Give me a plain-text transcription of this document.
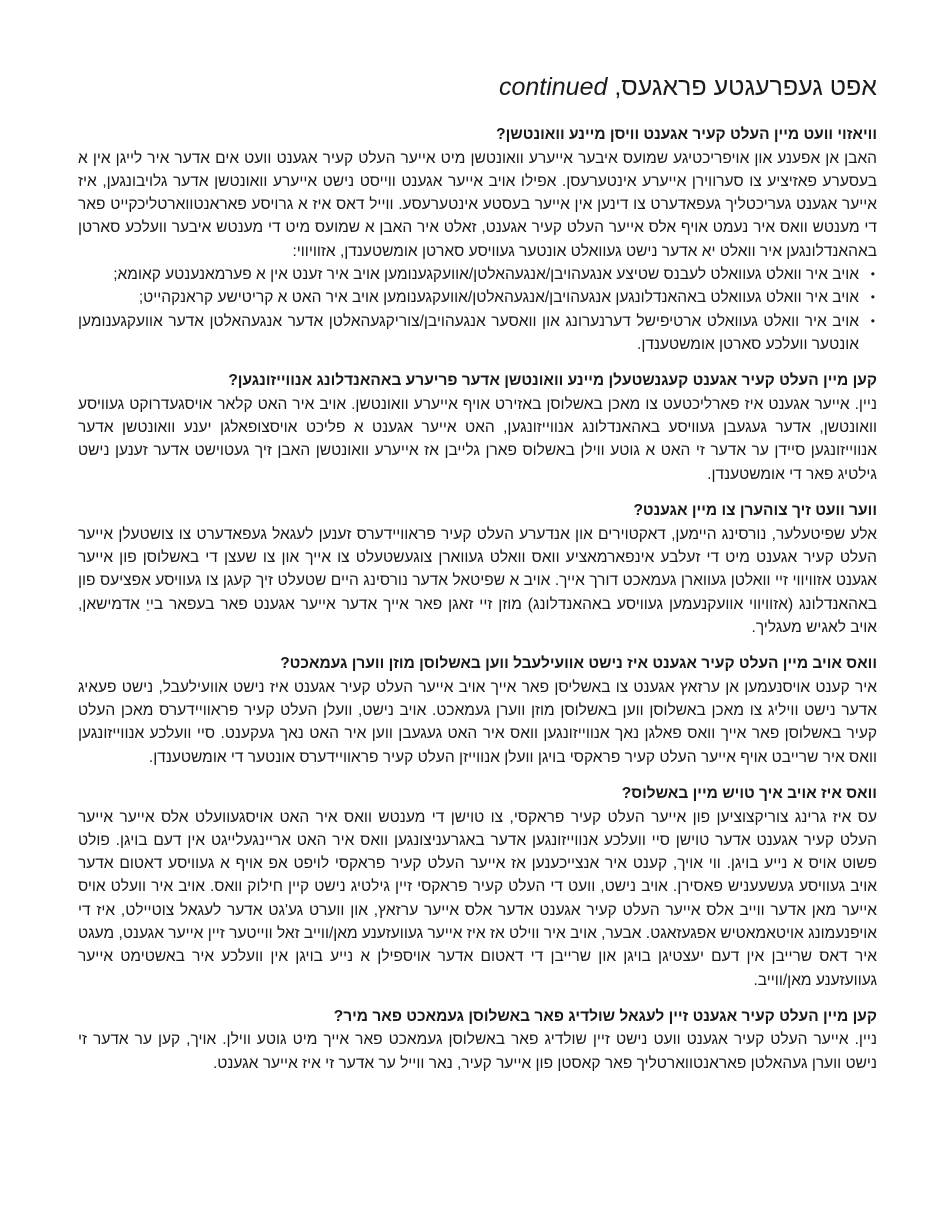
אפט געפרעגטע פראגעס, continued

וויאזוי וועט מיין העלט קעיר אגענט וויסן מיינע וואונטשן?

האבן אן אפענע און אויפריכטיגע שמועס איבער אייערע וואונטשן מיט אייער העלט קעיר אגענט וועט אים אדער איר לייגן אין א בעסערע פאזיציע צו סערווירן אייערע אינטערעסן. אפילו אויב אייער אגענט ווייסט נישט אייערע וואונטשן אדער גלויבונגען, איז אייער אגענט געריכטליך געפאדערט צו דינען אין אייער בעסטע אינטערעסע. ווייל דאס איז א גרויסע פאראנטווארטליכקייט פאר די מענטש וואס איר נעמט אויף אלס אייער העלט קעיר אגענט, זאלט איר האבן א שמועס מיט די מענטש איבער וועלכע סארטן באהאנדלונגען איר וואלט יא אדער נישט געוואלט אונטער געוויסע סארטן אומשטענדן, אזוויווי:

• אויב איר וואלט געוואלט לעבנס שטיצע אנגעהויבן/אנגעהאלטן/אוועקגענומען אויב איר זענט אין א פערמאנענטע קאומא;
• אויב איר וואלט געוואלט באהאנדלונגען אנגעהויבן/אנגעהאלטן/אוועקגענומען אויב איר האט א קריטישע קראנקהייט;
• אויב איר וואלט געוואלט ארטיפישל דערנערונג און וואסער אנגעהויבן/צוריקגעהאלטן אדער אנגעהאלטן אדער אוועקגענומען אונטער וועלכע סארטן אומשטענדן.

קען מיין העלט קעיר אגענט קעגנשטעלן מיינע וואונטשן אדער פריערע באהאנדלונג אנווייזונגען?

ניין. אייער אגענט איז פארליכטעט צו מאכן באשלוסן באזירט אויף אייערע וואונטשן. אויב איר האט קלאר אויסגעדרוקט געוויסע וואונטשן, אדער געגעבן געוויסע באהאנדלונג אנווייזונגען, האט אייער אגענט א פליכט אויסצופאלגן יענע וואונטשן אדער אנווייזונגען סיידן ער אדער זי האט א גוטע ווילן באשלוס פארן גלייבן אז אייערע וואונטשן האבן זיך געטוישט אדער זענען נישט גילטיג פאר די אומשטענדן.

ווער וועט זיך צוהערן צו מיין אגענט?

אלע שפיטעלער, נורסינג היימען, דאקטוירים און אנדערע העלט קעיר פראוויידערס זענען לעגאל געפאדערט צו צושטעלן אייער העלט קעיר אגענט מיט די זעלבע אינפארמאציע וואס וואלט געווארן צוגעשטעלט צו אייך און צו שעצן די באשלוסן פון אייער אגענט אזוויווי זיי וואלטן געווארן געמאכט דורך אייך. אויב א שפיטאל אדער נורסינג היים שטעלט זיך קעגן צו געוויסע אפציעס פון באהאנדלונג (אזוויווי אוועקנעמען געוויסע באהאנדלונג) מוזן זיי זאגן פאר אייך אדער אייער אגענט פאר בעפאר בייַ אדמישאן, אויב לאגיש מעגליך.

וואס אויב מיין העלט קעיר אגענט איז נישט אוועילעבל ווען באשלוסן מוזן ווערן געמאכט?

איר קענט אויסנעמען אן ערזאץ אגענט צו באשליסן פאר אייך אויב אייער העלט קעיר אגענט איז נישט אוועילעבל, נישט פעאיג אדער נישט וויליג צו מאכן באשלוסן ווען באשלוסן מוזן ווערן געמאכט. אויב נישט, וועלן העלט קעיר פראוויידערס מאכן העלט קעיר באשלוסן פאר אייך וואס פאלגן נאך אנווייזונגען וואס איר האט געגעבן ווען איר האט נאך געקענט. סיי וועלכע אנווייזונגען וואס איר שרייבט אויף אייער העלט קעיר פראקסי בויגן וועלן אנווייזן העלט קעיר פראוויידערס אונטער די אומשטענדן.

וואס איז אויב איך טויש מיין באשלוס?

עס איז גרינג צוריקצוציען פון אייער העלט קעיר פראקסי, צו טוישן די מענטש וואס איר האט אויסגעוועלט אלס אייער אייער העלט קעיר אגענט אדער טוישן סיי וועלכע אנווייזונגען אדער באגרעניצונגען וואס איר האט אריינגעלייגט אין דעם בויגן. פולט פשוט אויס א נייע בויגן. ווי אויך, קענט איר אנצייכענען אז אייער העלט קעיר פראקסי לויפט אפ אויף א געוויסע דאטום אדער אויב געוויסע געשעעניש פאסירן. אויב נישט, וועט די העלט קעיר פראקסי זיין גילטיג נישט קיין חילוק וואס. אויב איר וועלט אויס אייער מאן אדער ווייב אלס אייער העלט קעיר אגענט אדער אלס אייער ערזאץ, און ווערט גע'גט אדער לעגאל צוטיילט, איז די אויפנעמונג אויטאמאטיש אפגעזאגט. אבער, אויב איר ווילט אז איז אייער געוועזענע מאן/ווייב זאל ווייטער זיין אייער אגענט, מעגט איר דאס שרייבן אין דעם יעצטיגן בויגן און שרייבן די דאטום אדער אויספילן א נייע בויגן אין וועלכע איר באשטימט אייער געוועזענע מאן/ווייב.

קען מיין העלט קעיר אגענט זיין לעגאל שולדיג פאר באשלוסן געמאכט פאר מיר?

ניין. אייער העלט קעיר אגענט וועט נישט זיין שולדיג פאר באשלוסן געמאכט פאר אייך מיט גוטע ווילן. אויך, קען ער אדער זי נישט ווערן געהאלטן פאראנטווארטליך פאר קאסטן פון אייער קעיר, נאר ווייל ער אדער זי איז אייער אגענט.
